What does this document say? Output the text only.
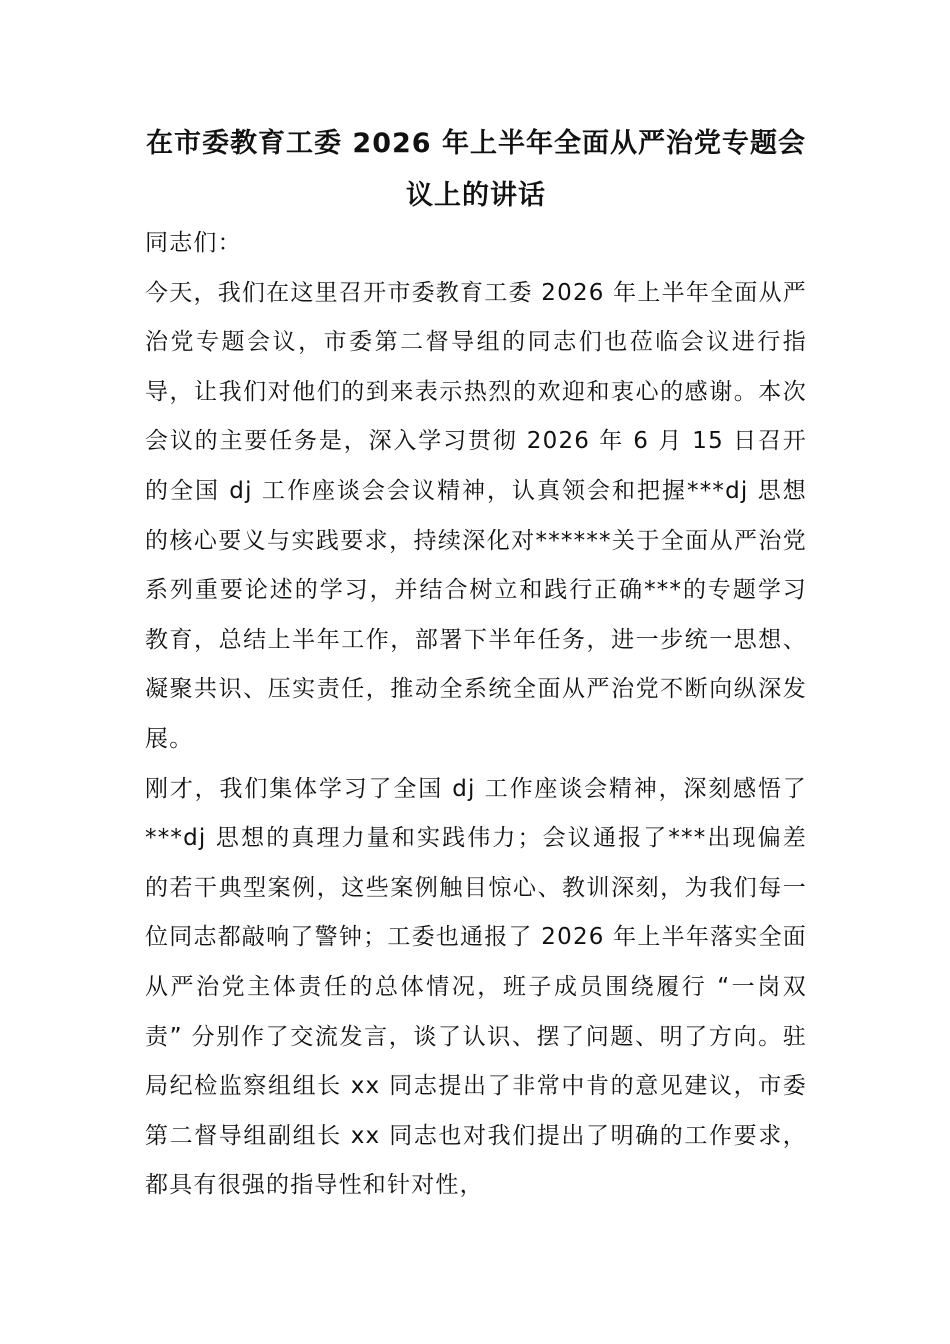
在市委教育工委 2026 年上半年全面从严治党专题会议上的讲话

同志们：

今天，我们在这里召开市委教育工委 2026 年上半年全面从严治党专题会议，市委第二督导组的同志们也莅临会议进行指导，让我们对他们的到来表示热烈的欢迎和衷心的感谢。本次会议的主要任务是，深入学习贯彻 2026 年 6 月 15 日召开的全国 dj 工作座谈会会议精神，认真领会和把握***dj 思想的核心要义与实践要求，持续深化对******关于全面从严治党系列重要论述的学习，并结合树立和践行正确***的专题学习教育，总结上半年工作，部署下半年任务，进一步统一思想、凝聚共识、压实责任，推动全系统全面从严治党不断向纵深发展。

刚才，我们集体学习了全国 dj 工作座谈会精神，深刻感悟了***dj 思想的真理力量和实践伟力；会议通报了***出现偏差的若干典型案例，这些案例触目惊心、教训深刻，为我们每一位同志都敲响了警钟；工委也通报了 2026 年上半年落实全面从严治党主体责任的总体情况，班子成员围绕履行 “一岗双责” 分别作了交流发言，谈了认识、摆了问题、明了方向。驻局纪检监察组组长 xx 同志提出了非常中肯的意见建议，市委第二督导组副组长 xx 同志也对我们提出了明确的工作要求，都具有很强的指导性和针对性，
